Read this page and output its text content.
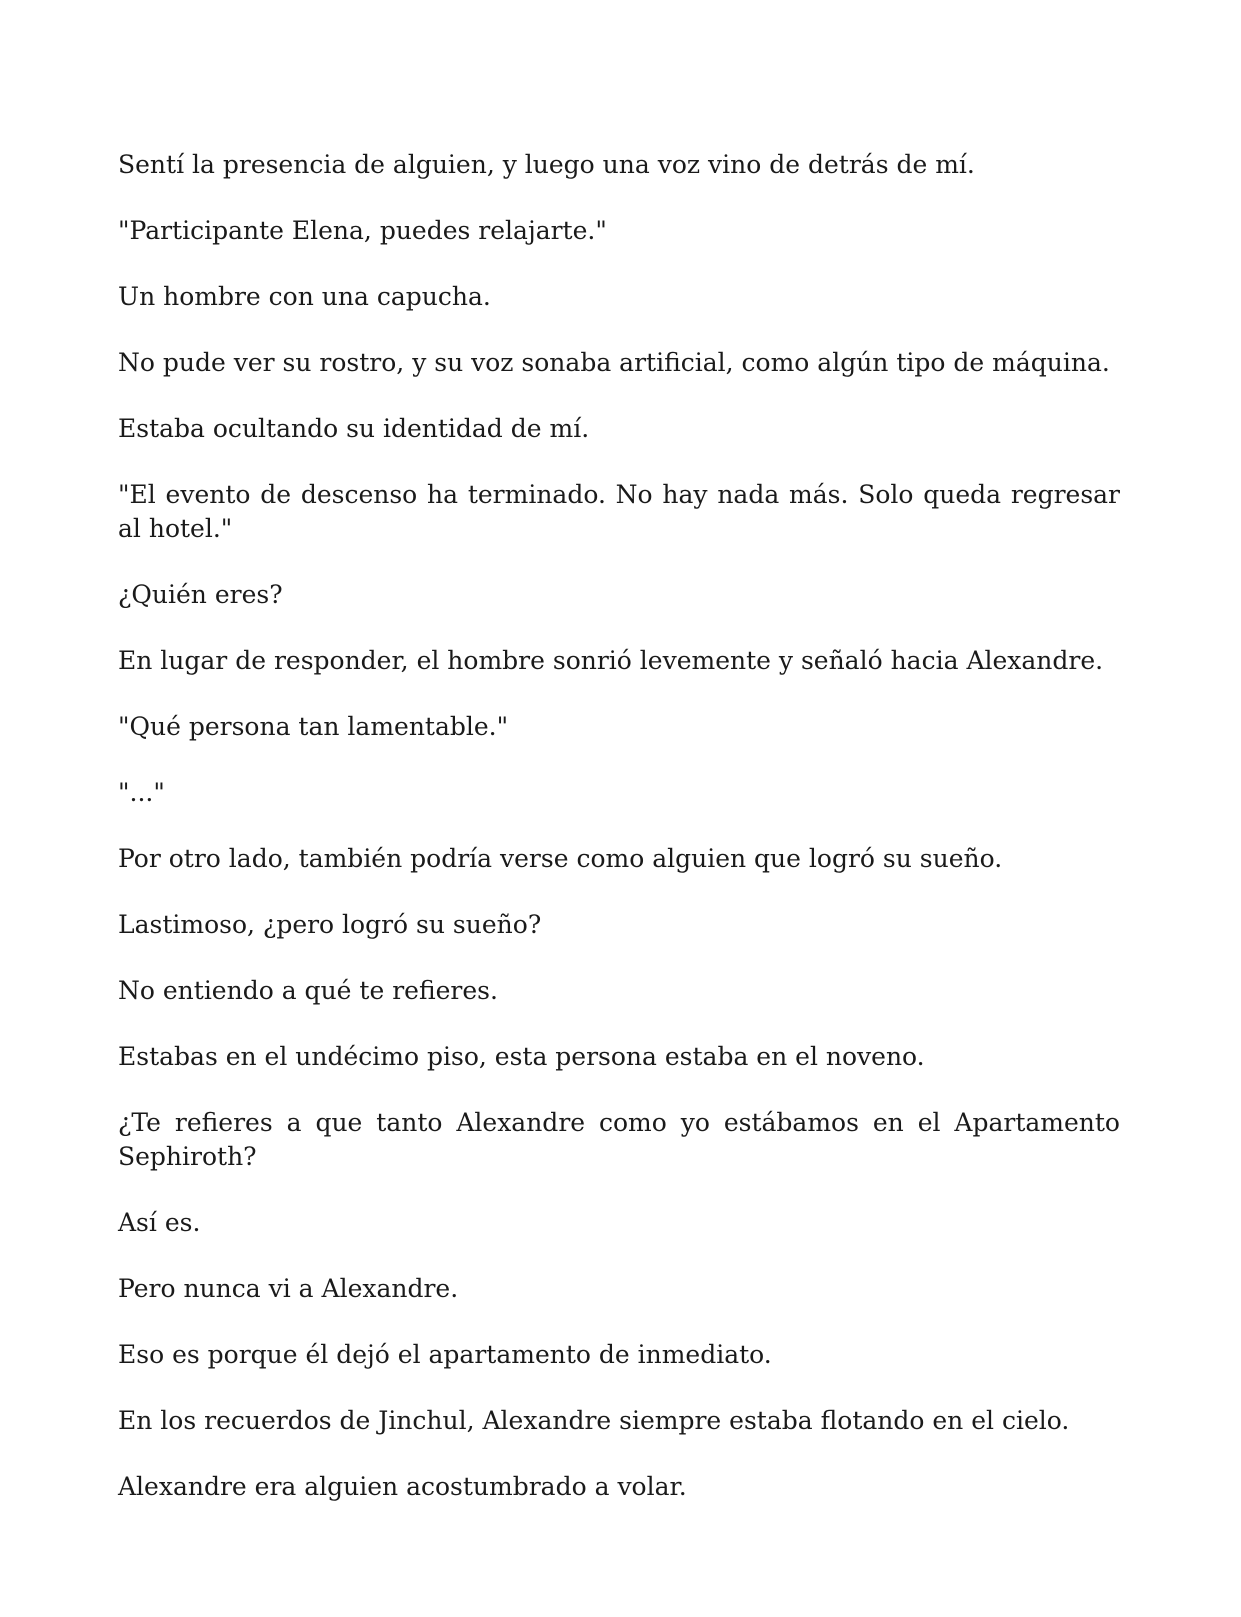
Sentí la presencia de alguien, y luego una voz vino de detrás de mí.

"Participante Elena, puedes relajarte."

Un hombre con una capucha.

No pude ver su rostro, y su voz sonaba artificial, como algún tipo de máquina.

Estaba ocultando su identidad de mí.

"El evento de descenso ha terminado. No hay nada más. Solo queda regresar al hotel."

¿Quién eres?

En lugar de responder, el hombre sonrió levemente y señaló hacia Alexandre.

"Qué persona tan lamentable."

"..."

Por otro lado, también podría verse como alguien que logró su sueño.

Lastimoso, ¿pero logró su sueño?

No entiendo a qué te refieres.

Estabas en el undécimo piso, esta persona estaba en el noveno.

¿Te refieres a que tanto Alexandre como yo estábamos en el Apartamento Sephiroth?

Así es.

Pero nunca vi a Alexandre.

Eso es porque él dejó el apartamento de inmediato.

En los recuerdos de Jinchul, Alexandre siempre estaba flotando en el cielo.

Alexandre era alguien acostumbrado a volar.
